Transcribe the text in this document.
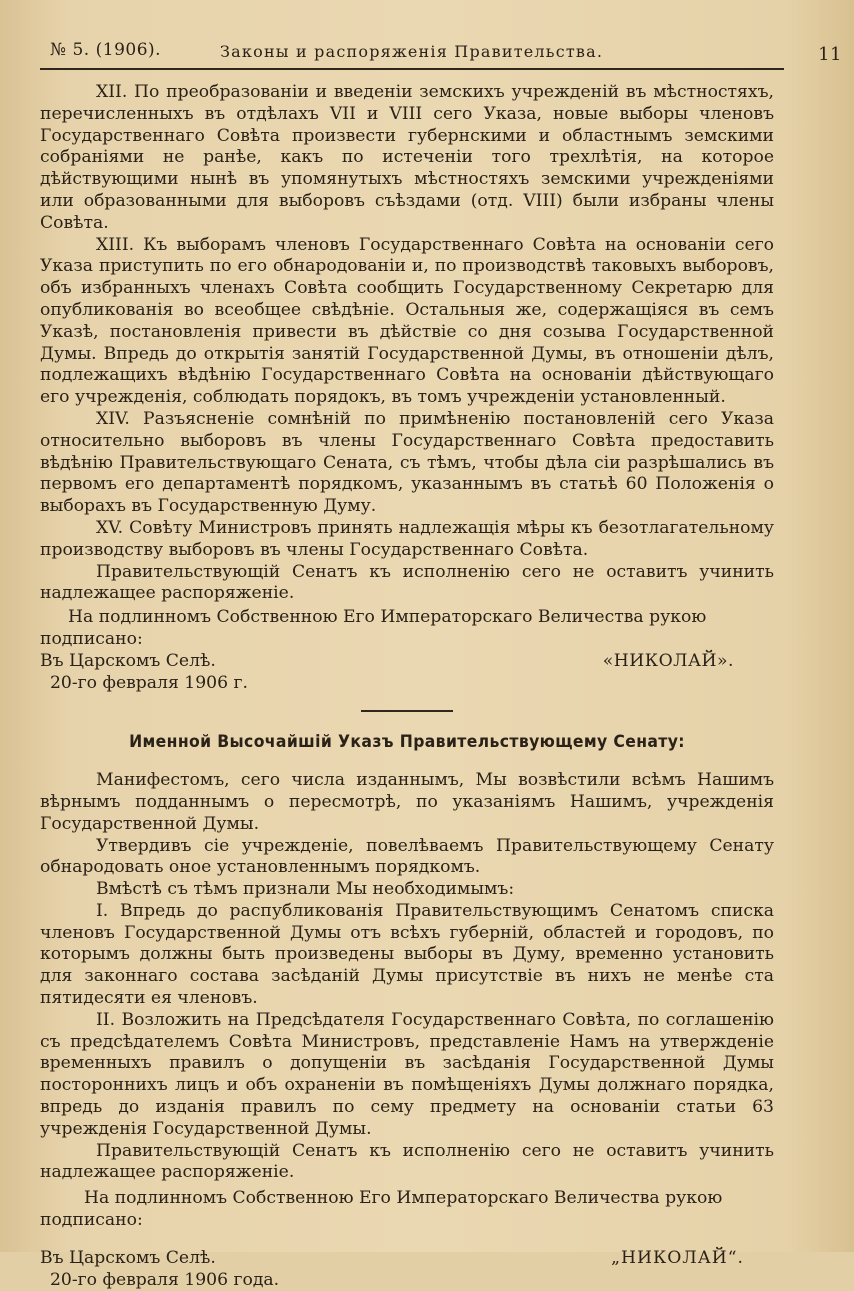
№ 5. (1906).	Законы и распоряженія Правительства.	11

XII. По преобразованіи и введеніи земскихъ учрежденій въ мѣстностяхъ, перечисленныхъ въ отдѣлахъ VII и VIII сего Указа, новые выборы членовъ Государственнаго Совѣта произвести губернскими и областнымъ земскими собраніями не ранѣе, какъ по истеченіи того трехлѣтія, на которое дѣйствующими нынѣ въ упомянутыхъ мѣстностяхъ земскими учрежденіями или образованными для выборовъ съѣздами (отд. VIII) были избраны члены Совѣта.

XIII. Къ выборамъ членовъ Государственнаго Совѣта на основаніи сего Указа приступить по его обнародованіи и, по производствѣ таковыхъ выборовъ, объ избранныхъ членахъ Совѣта сообщить Государственному Секретарю для опубликованія во всеобщее свѣдѣніе. Остальныя же, содержащіяся въ семъ Указѣ, постановленія привести въ дѣйствіе со дня созыва Государственной Думы. Впредь до открытія занятій Государственной Думы, въ отношеніи дѣлъ, подлежащихъ вѣдѣнію Государственнаго Совѣта на основаніи дѣйствующаго его учрежденія, соблюдать порядокъ, въ томъ учрежденіи установленный.

XIV. Разъясненіе сомнѣній по примѣненію постановленій сего Указа относительно выборовъ въ члены Государственнаго Совѣта предоставить вѣдѣнію Правительствующаго Сената, съ тѣмъ, чтобы дѣла сіи разрѣшались въ первомъ его департаментѣ порядкомъ, указаннымъ въ статьѣ 60 Положенія о выборахъ въ Государственную Думу.

XV. Совѣту Министровъ принять надлежащія мѣры къ безотлагательному производству выборовъ въ члены Государственнаго Совѣта.

Правительствующій Сенатъ къ исполненію сего не оставитъ учинить надлежащее распоряженіе.

На подлинномъ Собственною Его Императорскаго Величества рукою подписано:

Въ Царскомъ Селѣ.	«НИКОЛАЙ».

20-го февраля 1906 г.

Именной Высочайшій Указъ Правительствующему Сенату:

Манифестомъ, сего числа изданнымъ, Мы возвѣстили всѣмъ Нашимъ вѣрнымъ подданнымъ о пересмотрѣ, по указаніямъ Нашимъ, учрежденія Государственной Думы.

Утвердивъ сіе учрежденіе, повелѣваемъ Правительствующему Сенату обнародовать оное установленнымъ порядкомъ.

Вмѣстѣ съ тѣмъ признали Мы необходимымъ:

I. Впредь до распубликованія Правительствующимъ Сенатомъ списка членовъ Государственной Думы отъ всѣхъ губерній, областей и городовъ, по которымъ должны быть произведены выборы въ Думу, временно установить для законнаго состава засѣданій Думы присутствіе въ нихъ не менѣе ста пятидесяти ея членовъ.

II. Возложить на Предсѣдателя Государственнаго Совѣта, по соглашенію съ предсѣдателемъ Совѣта Министровъ, представленіе Намъ на утвержденіе временныхъ правилъ о допущеніи въ засѣданія Государственной Думы постороннихъ лицъ и объ охраненіи въ помѣщеніяхъ Думы должнаго порядка, впредь до изданія правилъ по сему предмету на основаніи статьи 63 учрежденія Государственной Думы.

Правительствующій Сенатъ къ исполненію сего не оставитъ учинить надлежащее распоряженіе.

На подлинномъ Собственною Его Императорскаго Величества рукою подписано:

Въ Царскомъ Селѣ.	„НИКОЛАЙ“.

20-го февраля 1906 года.
